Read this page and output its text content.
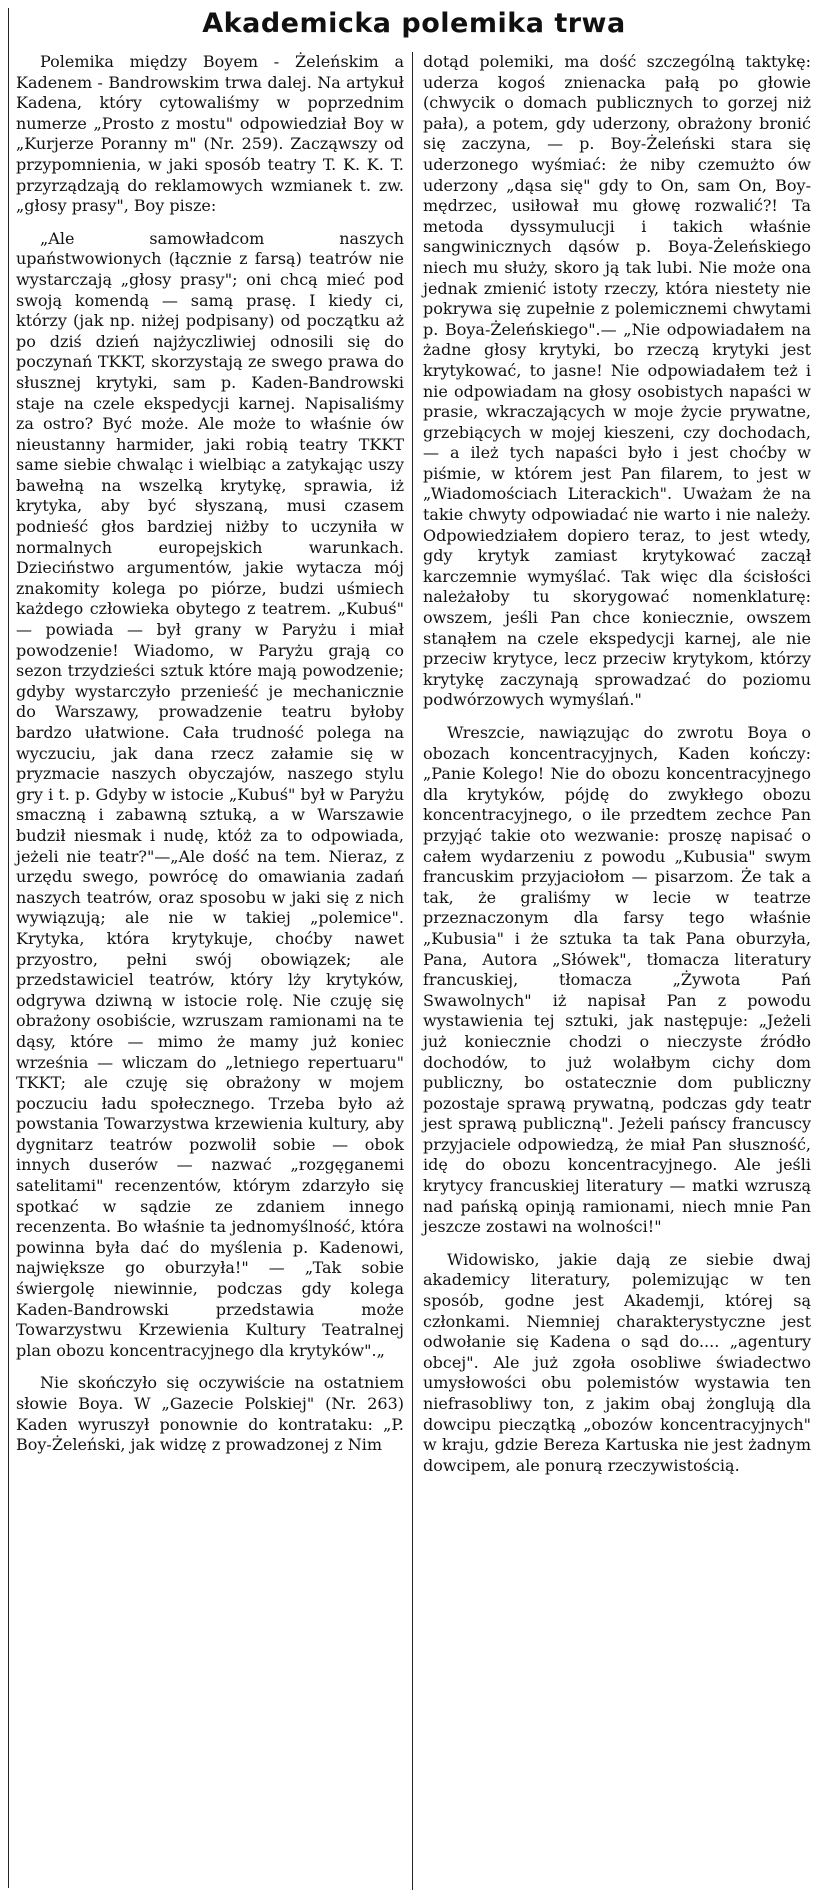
Akademicka polemika trwa

Polemika między Boyem - Żeleńskim a Kadenem - Bandrowskim trwa dalej. Na artykuł Kadena, który cytowaliśmy w poprzednim numerze „Prosto z mostu" odpowiedział Boy w „Kurjerze Poranny m" (Nr. 259). Zacząwszy od przypomnienia, w jaki sposób teatry T. K. K. T. przyrządzają do reklamowych wzmianek t. zw. „głosy prasy", Boy pisze:

„Ale samowładcom naszych upaństwowionych (łącznie z farsą) teatrów nie wystarczają „głosy prasy"; oni chcą mieć pod swoją komendą — samą prasę. I kiedy ci, którzy (jak np. niżej podpisany) od początku aż po dziś dzień najżyczliwiej odnosili się do poczynań TKKT, skorzystają ze swego prawa do słusznej krytyki, sam p. Kaden-Bandrowski staje na czele ekspedycji karnej. Napisaliśmy za ostro? Być może. Ale może to właśnie ów nieustanny harmider, jaki robią teatry TKKT same siebie chwaląc i wielbiąc a zatykając uszy bawełną na wszelką krytykę, sprawia, iż krytyka, aby być słyszaną, musi czasem podnieść głos bardziej niżby to uczyniła w normalnych europejskich warunkach. Dzieciństwo argumentów, jakie wytacza mój znakomity kolega po piórze, budzi uśmiech każdego człowieka obytego z teatrem. „Kubuś" — powiada — był grany w Paryżu i miał powodzenie! Wiadomo, w Paryżu grają co sezon trzydzieści sztuk które mają powodzenie; gdyby wystarczyło przenieść je mechanicznie do Warszawy, prowadzenie teatru byłoby bardzo ułatwione. Cała trudność polega na wyczuciu, jak dana rzecz załamie się w pryzmacie naszych obyczajów, naszego stylu gry i t. p. Gdyby w istocie „Kubuś" był w Paryżu smaczną i zabawną sztuką, a w Warszawie budził niesmak i nudę, któż za to odpowiada, jeżeli nie teatr?"—„Ale dość na tem. Nieraz, z urzędu swego, powrócę do omawiania zadań naszych teatrów, oraz sposobu w jaki się z nich wywiązują; ale nie w takiej „polemice". Krytyka, która krytykuje, choćby nawet przyostro, pełni swój obowiązek; ale przedstawiciel teatrów, który lży krytyków, odgrywa dziwną w istocie rolę. Nie czuję się obrażony osobiście, wzruszam ramionami na te dąsy, które — mimo że mamy już koniec września — wliczam do „letniego repertuaru" TKKT; ale czuję się obrażony w mojem poczuciu ładu społecznego. Trzeba było aż powstania Towarzystwa krzewienia kultury, aby dygnitarz teatrów pozwolił sobie — obok innych duserów — nazwać „rozgęganemi satelitami" recenzentów, którym zdarzyło się spotkać w sądzie ze zdaniem innego recenzenta. Bo właśnie ta jednomyślność, która powinna była dać do myślenia p. Kadenowi, największe go oburzyła!" — „Tak sobie świergolę niewinnie, podczas gdy kolega Kaden-Bandrowski przedstawia może Towarzystwu Krzewienia Kultury Teatralnej plan obozu koncentracyjnego dla krytyków".„

Nie skończyło się oczywiście na ostatniem słowie Boya. W „Gazecie Polskiej" (Nr. 263) Kaden wyruszył ponownie do kontrataku: „P. Boy-Żeleński, jak widzę z prowadzonej z Nim

dotąd polemiki, ma dość szczególną taktykę: uderza kogoś znienacka pałą po głowie (chwycik o domach publicznych to gorzej niż pała), a potem, gdy uderzony, obrażony bronić się zaczyna, — p. Boy-Żeleński stara się uderzonego wyśmiać: że niby czemużto ów uderzony „dąsa się" gdy to On, sam On, Boy-mędrzec, usiłował mu głowę rozwalić?! Ta metoda dyssymulucji i takich właśnie sangwinicznych dąsów p. Boya-Żeleńskiego niech mu służy, skoro ją tak lubi. Nie może ona jednak zmienić istoty rzeczy, która niestety nie pokrywa się zupełnie z polemicznemi chwytami p. Boya-Żeleńskiego".— „Nie odpowiadałem na żadne głosy krytyki, bo rzeczą krytyki jest krytykować, to jasne! Nie odpowiadałem też i nie odpowiadam na głosy osobistych napaści w prasie, wkraczających w moje życie prywatne, grzebiących w mojej kieszeni, czy dochodach, — a ileż tych napaści było i jest choćby w piśmie, w którem jest Pan filarem, to jest w „Wiadomościach Literackich". Uważam że na takie chwyty odpowiadać nie warto i nie należy. Odpowiedziałem dopiero teraz, to jest wtedy, gdy krytyk zamiast krytykować zaczął karczemnie wymyślać. Tak więc dla ścisłości należałoby tu skorygować nomenklaturę: owszem, jeśli Pan chce koniecznie, owszem stanąłem na czele ekspedycji karnej, ale nie przeciw krytyce, lecz przeciw krytykom, którzy krytykę zaczynają sprowadzać do poziomu podwórzowych wymyślań."

Wreszcie, nawiązując do zwrotu Boya o obozach koncentracyjnych, Kaden kończy: „Panie Kolego! Nie do obozu koncentracyjnego dla krytyków, pójdę do zwykłego obozu koncentracyjnego, o ile przedtem zechce Pan przyjąć takie oto wezwanie: proszę napisać o całem wydarzeniu z powodu „Kubusia" swym francuskim przyjaciołom — pisarzom. Że tak a tak, że graliśmy w lecie w teatrze przeznaczonym dla farsy tego właśnie „Kubusia" i że sztuka ta tak Pana oburzyła, Pana, Autora „Słówek", tłomacza literatury francuskiej, tłomacza „Żywota Pań Swawolnych" iż napisał Pan z powodu wystawienia tej sztuki, jak następuje: „Jeżeli już koniecznie chodzi o nieczyste źródło dochodów, to już wolałbym cichy dom publiczny, bo ostatecznie dom publiczny pozostaje sprawą prywatną, podczas gdy teatr jest sprawą publiczną". Jeżeli pańscy francuscy przyjaciele odpowiedzą, że miał Pan słuszność, idę do obozu koncentracyjnego. Ale jeśli krytycy francuskiej literatury — matki wzruszą nad pańską opinją ramionami, niech mnie Pan jeszcze zostawi na wolności!"

Widowisko, jakie dają ze siebie dwaj akademicy literatury, polemizując w ten sposób, godne jest Akademji, której są członkami. Niemniej charakterystyczne jest odwołanie się Kadena o sąd do.... „agentury obcej". Ale już zgoła osobliwe świadectwo umysłowości obu polemistów wystawia ten niefrasobliwy ton, z jakim obaj żonglują dla dowcipu pieczątką „obozów koncentracyjnych" w kraju, gdzie Bereza Kartuska nie jest żadnym dowcipem, ale ponurą rzeczywistością.
